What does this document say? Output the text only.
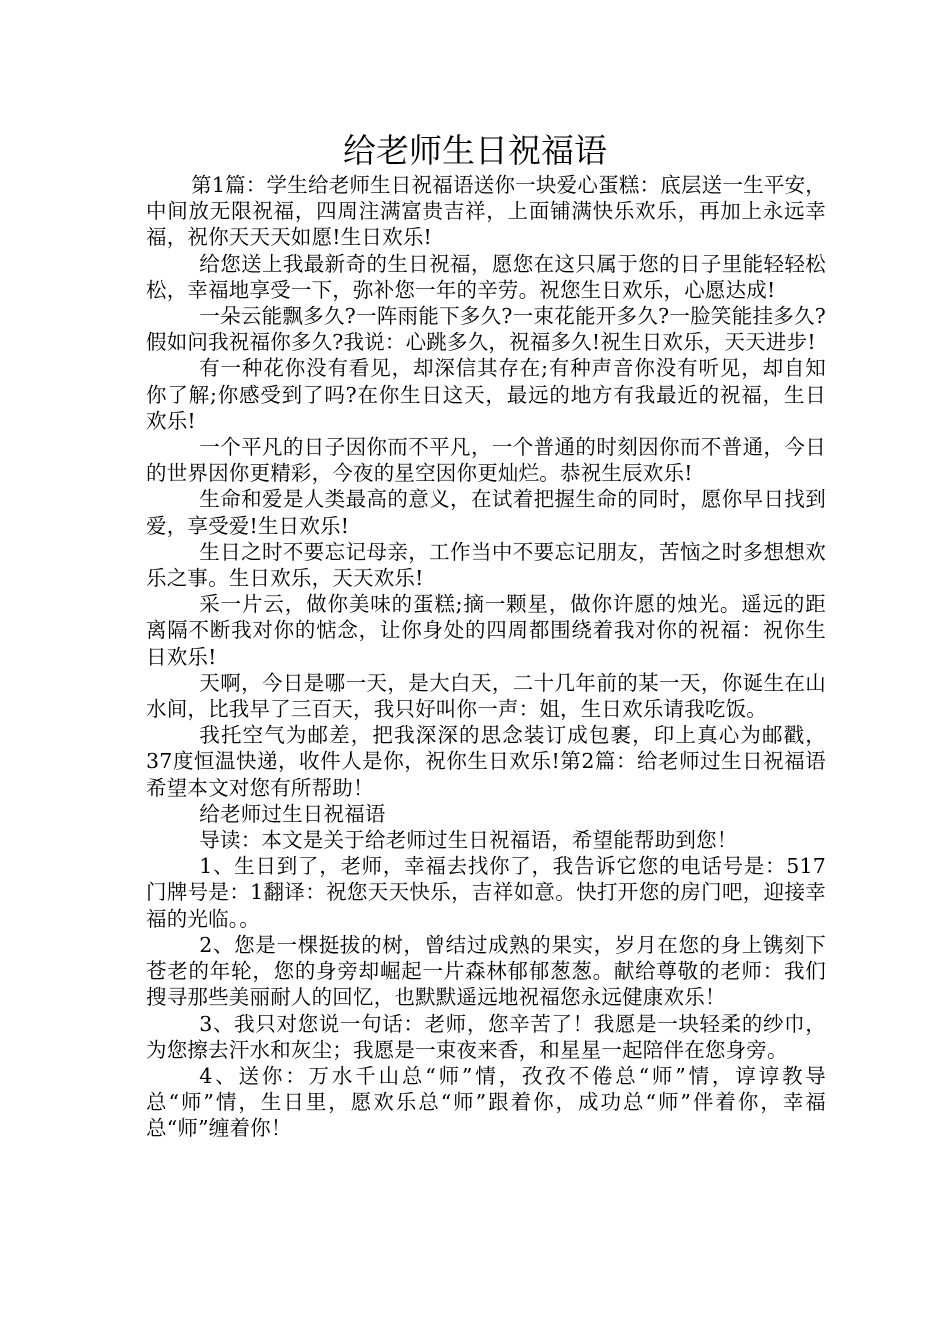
给老师生日祝福语

第1篇：学生给老师生日祝福语送你一块爱心蛋糕：底层送一生平安，中间放无限祝福，四周注满富贵吉祥，上面铺满快乐欢乐，再加上永远幸福，祝你天天天如愿!生日欢乐!

给您送上我最新奇的生日祝福，愿您在这只属于您的日子里能轻轻松松，幸福地享受一下，弥补您一年的辛劳。祝您生日欢乐，心愿达成!

一朵云能飘多久?一阵雨能下多久?一束花能开多久?一脸笑能挂多久?假如问我祝福你多久?我说：心跳多久，祝福多久!祝生日欢乐，天天进步!

有一种花你没有看见，却深信其存在;有种声音你没有听见，却自知你了解;你感受到了吗?在你生日这天，最远的地方有我最近的祝福，生日欢乐!

一个平凡的日子因你而不平凡，一个普通的时刻因你而不普通，今日的世界因你更精彩，今夜的星空因你更灿烂。恭祝生辰欢乐!

生命和爱是人类最高的意义，在试着把握生命的同时，愿你早日找到爱，享受爱!生日欢乐!

生日之时不要忘记母亲，工作当中不要忘记朋友，苦恼之时多想想欢乐之事。生日欢乐，天天欢乐!

采一片云，做你美味的蛋糕;摘一颗星，做你许愿的烛光。遥远的距离隔不断我对你的惦念，让你身处的四周都围绕着我对你的祝福：祝你生日欢乐!

天啊，今日是哪一天，是大白天，二十几年前的某一天，你诞生在山水间，比我早了三百天，我只好叫你一声：姐，生日欢乐请我吃饭。

我托空气为邮差，把我深深的思念装订成包裹，印上真心为邮戳，37度恒温快递，收件人是你，祝你生日欢乐!第2篇：给老师过生日祝福语希望本文对您有所帮助！

给老师过生日祝福语

导读：本文是关于给老师过生日祝福语，希望能帮助到您！

1、生日到了，老师，幸福去找你了，我告诉它您的电话号是：517门牌号是：1翻译：祝您天天快乐，吉祥如意。快打开您的房门吧，迎接幸福的光临。。

2、您是一棵挺拔的树，曾结过成熟的果实，岁月在您的身上镌刻下苍老的年轮，您的身旁却崛起一片森林郁郁葱葱。献给尊敬的老师：我们搜寻那些美丽耐人的回忆，也默默遥远地祝福您永远健康欢乐！

3、我只对您说一句话：老师，您辛苦了！我愿是一块轻柔的纱巾，为您擦去汗水和灰尘；我愿是一束夜来香，和星星一起陪伴在您身旁。

4、送你：万水千山总“师”情，孜孜不倦总“师”情，谆谆教导总“师”情，生日里，愿欢乐总“师”跟着你，成功总“师”伴着你，幸福总“师”缠着你！
